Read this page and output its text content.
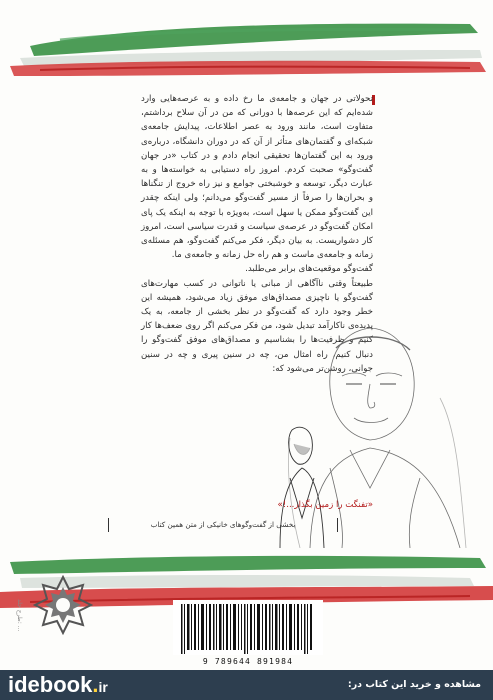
تحولاتی در جهان و جامعه‌ی ما رخ داده و به عرصه‌هایی وارد شده‌ایم که این عرصه‌ها با دورانی که من در آن سلاح برداشتم، متفاوت است، مانند ورود به عصر اطلاعات، پیدایش جامعه‌ی شبکه‌ای و گفتمان‌های متأثر از آن که در دوران دانشگاه، درباره‌ی ورود به این گفتمان‌ها تحقیقی انجام دادم و در کتاب «در جهان گفت‌وگو» صحبت کردم. امروز راه دستیابی به خواسته‌ها و به عبارت دیگر، توسعه و خوشبختی جوامع و نیز راه خروج از تنگناها و بحران‌ها را صرفاً از مسیر گفت‌وگو می‌دانم؛ ولی اینکه چقدر این گفت‌وگو ممکن یا سهل است، به‌ویژه با توجه به اینکه یک پای امکان گفت‌وگو در عرصه‌ی سیاست و قدرت سیاسی است، امروز کار دشواریست. به بیان دیگر، فکر می‌کنم گفت‌وگو، هم مسئله‌ی زمانه و جامعه‌ی ماست و هم راه حل زمانه و جامعه‌ی ما.
گفت‌وگو موقعیت‌های برابر می‌طلبد.
طبیعتاً وقتی ناآگاهی از مبانی یا ناتوانی در کسب مهارت‌های گفت‌وگو یا ناچیزی مصداق‌های موفق زیاد می‌شود، همیشه این خطر وجود دارد که گفت‌وگو در نظر بخشی از جامعه، به یک پدیده‌ی ناکارآمد تبدیل شود، من فکر می‌کنم اگر روی ضعف‌ها کار کنیم و ظرفیت‌ها را بشناسیم و مصداق‌های موفق گفت‌وگو را دنبال کنیم، راه امثال من، چه در سنین پیری و چه در سنین جوانی، روشن‌تر می‌شود که:
«تفنگت را زمین بگذار...!»
بخشی از گفت‌وگوهای خانیکی از متن همین کتاب
طرح جلد: ...
9 789644 891984
idebook.ir	مشاهده و خرید این کتاب در:
